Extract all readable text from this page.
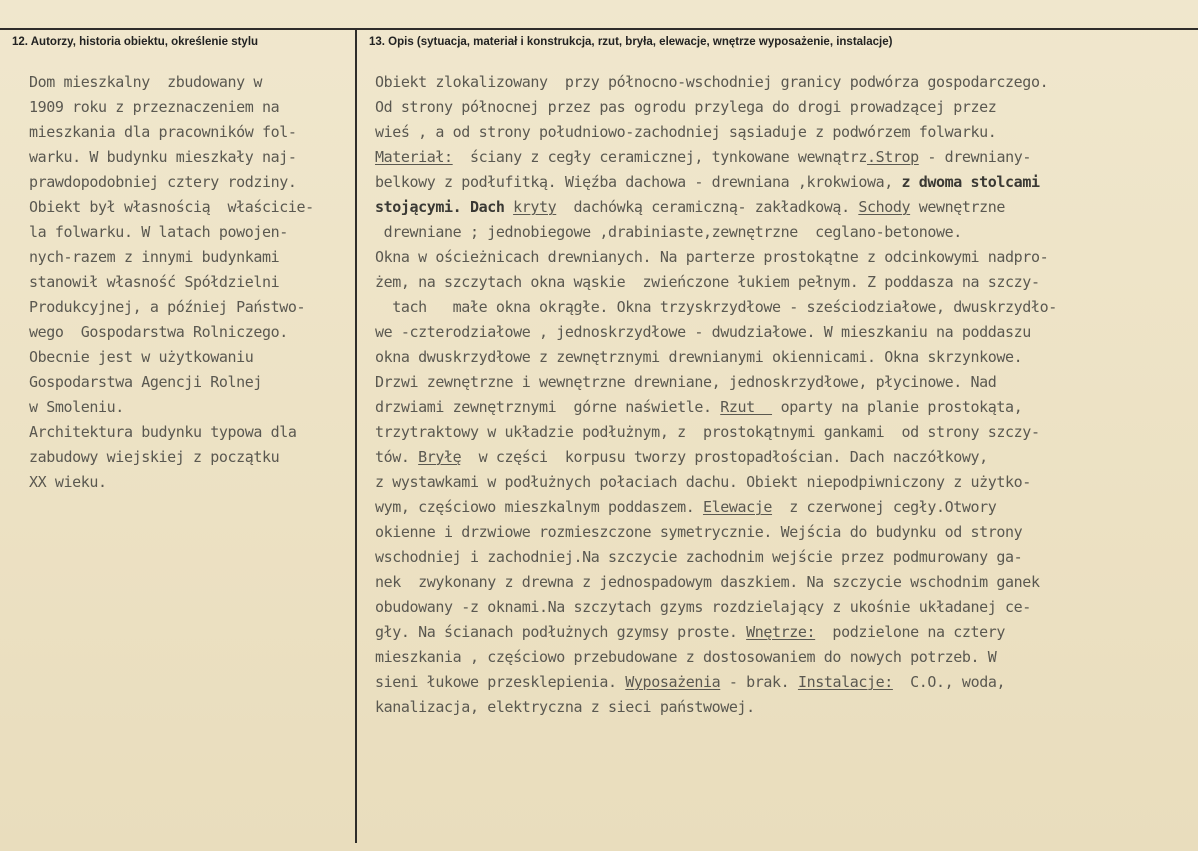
12. Autorzy, historia obiektu, określenie stylu	13. Opis (sytuacja, materiał i konstrukcja, rzut, bryła, elewacje, wnętrze wyposażenie, instalacje)
Dom mieszkalny  zbudowany w
1909 roku z przeznaczeniem na
mieszkania dla pracowników fol-
warku. W budynku mieszkały naj-
prawdopodobniej cztery rodziny.
Obiekt był własnością  właścicie-
la folwarku. W latach powojen-
nych-razem z innymi budynkami
stanowił własność Spółdzielni
Produkcyjnej, a później Państwo-
wego  Gospodarstwa Rolniczego.
Obecnie jest w użytkowaniu
Gospodarstwa Agencji Rolnej
w Smoleniu.
Architektura budynku typowa dla
zabudowy wiejskiej z początku
XX wieku.
Obiekt zlokalizowany  przy północno-wschodniej granicy podwórza gospodarczego.
Od strony północnej przez pas ogrodu przylega do drogi prowadzącej przez
wieś , a od strony południowo-zachodniej sąsiaduje z podwórzem folwarku.
Materiał:  ściany z cegły ceramicznej, tynkowane wewnątrz.Strop - drewniany-
belkowy z podłufitką. Więźba dachowa - drewniana ,krokwiowa, z dwoma stolcami
stojącymi. Dach kryty  dachówką ceramiczną- zakładkową. Schody wewnętrzne
drewniane ; jednobiegowe ,drabiniaste,zewnętrzne  ceglano-betonowe.
Okna w ościeżnicach drewnianych. Na parterze prostokątne z odcinkowymi nadpro-
żem, na szczytach okna wąskie  zwieńczone łukiem pełnym. Z poddasza na szczy-
tach   małe okna okrągłe. Okna trzyskrzydłowe - sześciodziałowe, dwuskrzydło-
we -czterodziałowe , jednoskrzydłowe - dwudziałowe. W mieszkaniu na poddaszu
okna dwuskrzydłowe z zewnętrznymi drewnianymi okiennicami. Okna skrzynkowe.
Drzwi zewnętrzne i wewnętrzne drewniane, jednoskrzydłowe, płycinowe. Nad
drzwiami zewnętrznymi  górne naświetle. Rzut   oparty na planie prostokąta,
trzytraktowy w układzie podłużnym, z  prostokątnymi gankami  od strony szczy-
tów. Bryłę  w części  korpusu tworzy prostopadłościan. Dach naczółkowy,
z wystawkami w podłużnych połaciach dachu. Obiekt niepodpiwniczony z użytko-
wym, częściowo mieszkalnym poddaszem. Elewacje  z czerwonej cegły.Otwory
okienne i drzwiowe rozmieszczone symetrycznie. Wejścia do budynku od strony
wschodniej i zachodniej.Na szczycie zachodnim wejście przez podmurowany ga-
nek  zwykonany z drewna z jednospadowym daszkiem. Na szczycie wschodnim ganek
obudowany -z oknami.Na szczytach gzyms rozdzielający z ukośnie układanej ce-
gły. Na ścianach podłużnych gzymsy proste. Wnętrze:  podzielone na cztery
mieszkania , częściowo przebudowane z dostosowaniem do nowych potrzeb. W
sieni łukowe przesklepienia. Wyposażenia - brak. Instalacje:  C.O., woda,
kanalizacja, elektryczna z sieci państwowej.
